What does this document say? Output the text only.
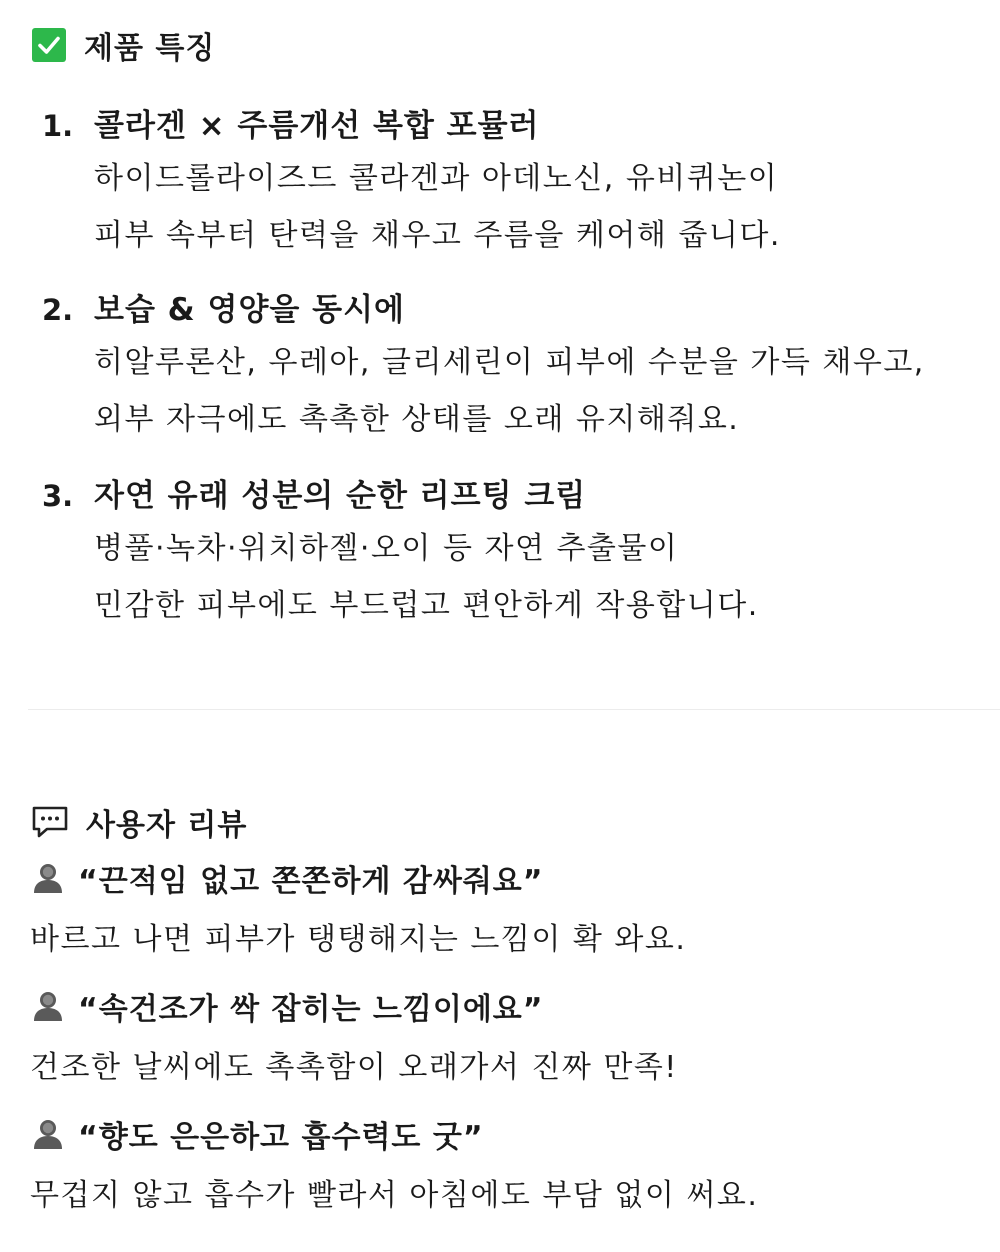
제품 특징
1. 콜라겐 × 주름개선 복합 포뮬러
하이드롤라이즈드 콜라겐과 아데노신, 유비퀴논이
피부 속부터 탄력을 채우고 주름을 케어해 줍니다.
2. 보습 & 영양을 동시에
히알루론산, 우레아, 글리세린이 피부에 수분을 가득 채우고,
외부 자극에도 촉촉한 상태를 오래 유지해줘요.
3. 자연 유래 성분의 순한 리프팅 크림
병풀·녹차·위치하젤·오이 등 자연 추출물이
민감한 피부에도 부드럽고 편안하게 작용합니다.
사용자 리뷰
“끈적임 없고 쫀쫀하게 감싸줘요”
바르고 나면 피부가 탱탱해지는 느낌이 확 와요.
“속건조가 싹 잡히는 느낌이에요”
건조한 날씨에도 촉촉함이 오래가서 진짜 만족!
“향도 은은하고 흡수력도 굿”
무겁지 않고 흡수가 빨라서 아침에도 부담 없이 써요.
